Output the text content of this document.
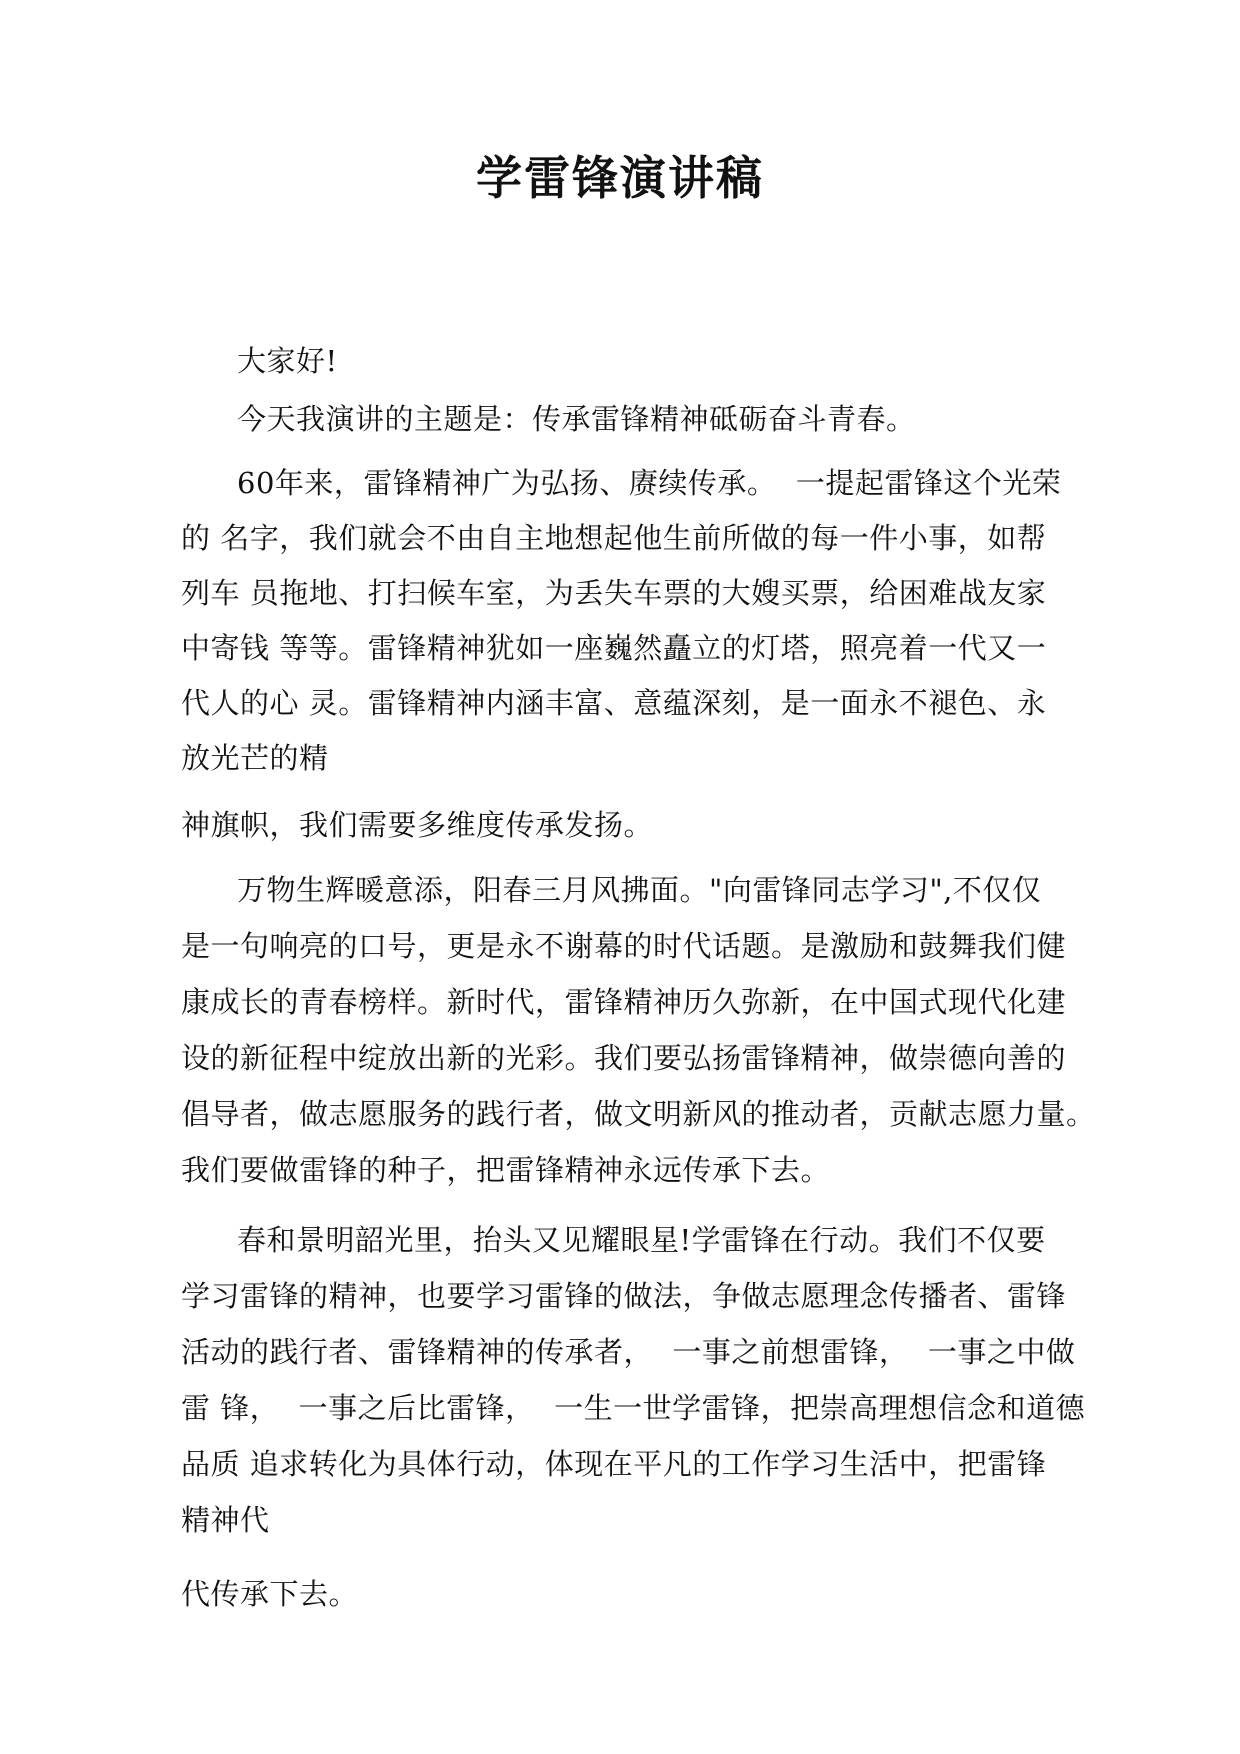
学雷锋演讲稿
大家好!
今天我演讲的主题是：传承雷锋精神砥砺奋斗青春。
60年来，雷锋精神广为弘扬、赓续传承。  一提起雷锋这个光荣
的 名字，我们就会不由自主地想起他生前所做的每一件小事，如帮
列车 员拖地、打扫候车室，为丢失车票的大嫂买票，给困难战友家
中寄钱 等等。雷锋精神犹如一座巍然矗立的灯塔，照亮着一代又一
代人的心 灵。雷锋精神内涵丰富、意蕴深刻，是一面永不褪色、永
放光芒的精
神旗帜，我们需要多维度传承发扬。
万物生辉暖意添，阳春三月风拂面。"向雷锋同志学习",不仅仅
是一句响亮的口号，更是永不谢幕的时代话题。是激励和鼓舞我们健
康成长的青春榜样。新时代，雷锋精神历久弥新，在中国式现代化建
设的新征程中绽放出新的光彩。我们要弘扬雷锋精神，做崇德向善的
倡导者，做志愿服务的践行者，做文明新风的推动者，贡献志愿力量。
我们要做雷锋的种子，把雷锋精神永远传承下去。
春和景明韶光里，抬头又见耀眼星!学雷锋在行动。我们不仅要
学习雷锋的精神，也要学习雷锋的做法，争做志愿理念传播者、雷锋
活动的践行者、雷锋精神的传承者，  一事之前想雷锋，  一事之中做
雷 锋，  一事之后比雷锋，  一生一世学雷锋，把崇高理想信念和道德
品质 追求转化为具体行动，体现在平凡的工作学习生活中，把雷锋
精神代
代传承下去。
